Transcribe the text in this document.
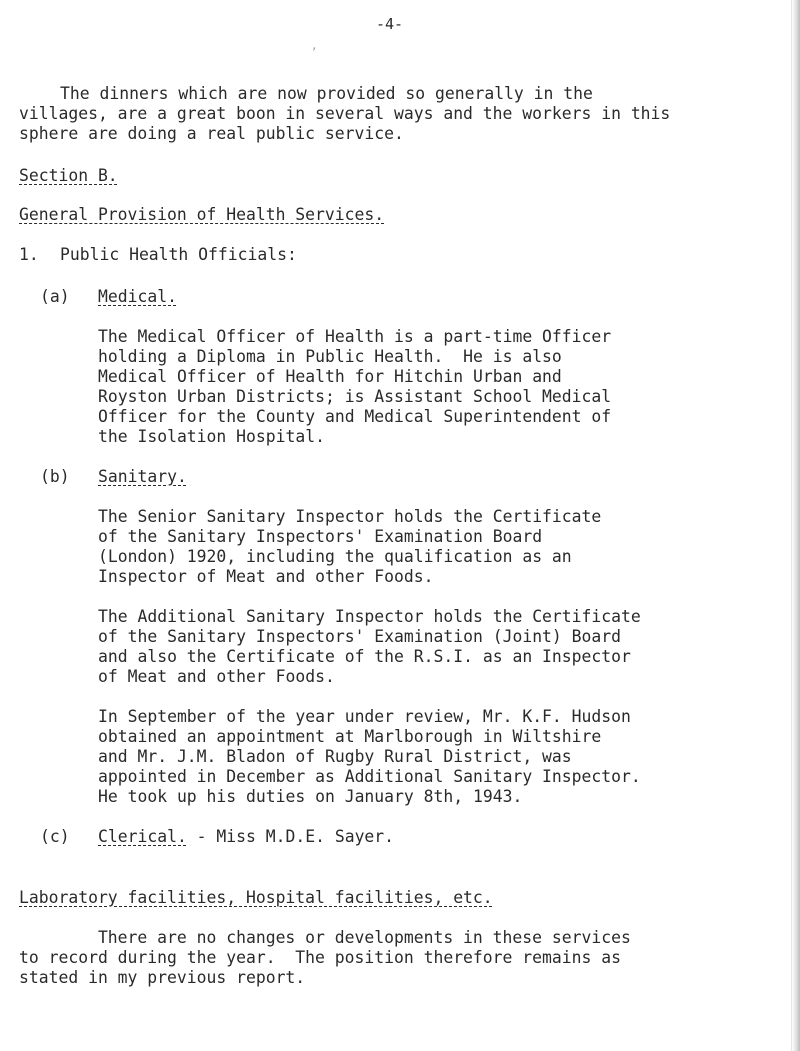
,
-4-
The dinners which are now provided so generally in the
villages, are a great boon in several ways and the workers in this
sphere are doing a real public service.
Section B.
General Provision of Health Services.
1. Public Health Officials:
(a) Medical.
The Medical Officer of Health is a part-time Officer
holding a Diploma in Public Health.  He is also
Medical Officer of Health for Hitchin Urban and
Royston Urban Districts; is Assistant School Medical
Officer for the County and Medical Superintendent of
the Isolation Hospital.
(b) Sanitary.
The Senior Sanitary Inspector holds the Certificate
of the Sanitary Inspectors' Examination Board
(London) 1920, including the qualification as an
Inspector of Meat and other Foods.
The Additional Sanitary Inspector holds the Certificate
of the Sanitary Inspectors' Examination (Joint) Board
and also the Certificate of the R.S.I. as an Inspector
of Meat and other Foods.
In September of the year under review, Mr. K.F. Hudson
obtained an appointment at Marlborough in Wiltshire
and Mr. J.M. Bladon of Rugby Rural District, was
appointed in December as Additional Sanitary Inspector.
He took up his duties on January 8th, 1943.
(c) Clerical. - Miss M.D.E. Sayer.
Laboratory facilities, Hospital facilities, etc.
There are no changes or developments in these services
to record during the year.  The position therefore remains as
stated in my previous report.
